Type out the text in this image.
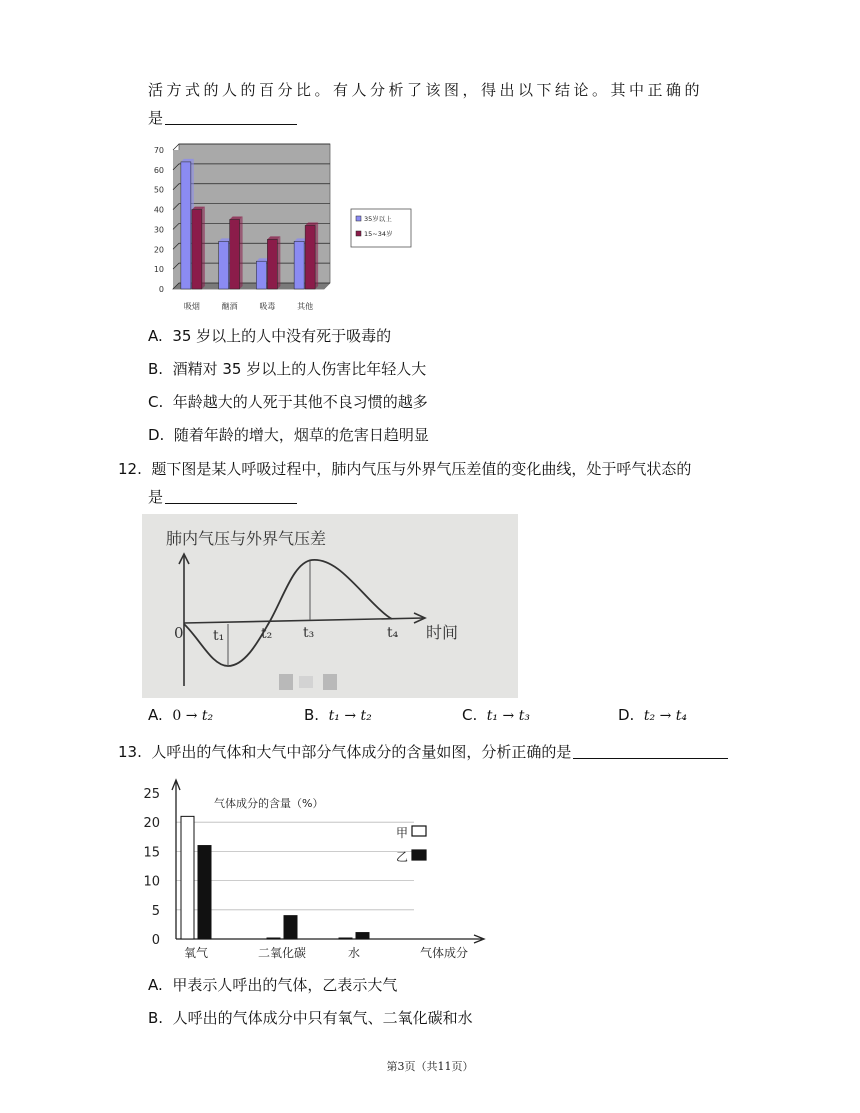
活方式的人的百分比。有人分析了该图，得出以下结论。其中正确的
是
0
10
20
30
40
50
60
70
吸烟	酗酒	吸毒	其他
35岁以上
15~34岁
A. 35 岁以上的人中没有死于吸毒的
B. 酒精对 35 岁以上的人伤害比年轻人大
C. 年龄越大的人死于其他不良习惯的越多
D. 随着年龄的增大，烟草的危害日趋明显
12. 题下图是某人呼吸过程中，肺内气压与外界气压差值的变化曲线，处于呼气状态的
是
肺内气压与外界气压差
0 t₁	t₂ t₃	t₄ 时间
A. 0 → t₂	B. t₁ → t₂	C. t₁ → t₃	D. t₂ → t₄
13. 人呼出的气体和大气中部分气体成分的含量如图，分析正确的是
0
5
10
15
20
25
气体成分的含量（%）
氧气	二氧化碳	水	气体成分
甲
乙
A. 甲表示人呼出的气体，乙表示大气
B. 人呼出的气体成分中只有氧气、二氧化碳和水
第3页（共11页）
